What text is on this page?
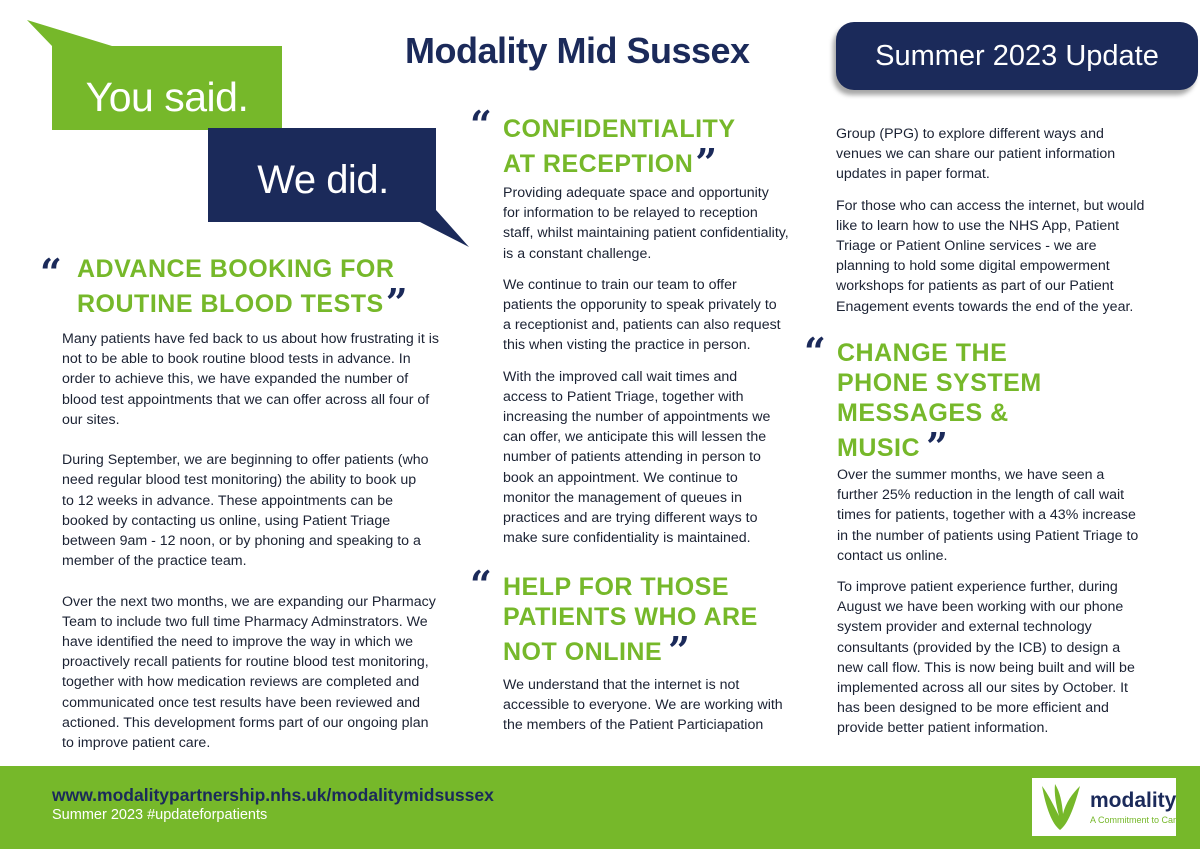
You said.
We did.
Modality Mid Sussex	Summer 2023 Update
“ ADVANCE BOOKING FOR
ROUTINE BLOOD TESTS”
Many patients have fed back to us about how frustrating it is
not to be able to book routine blood tests in advance. In
order to achieve this, we have expanded the number of
blood test appointments that we can offer across all four of
our sites.
During September, we are beginning to offer patients (who
need regular blood test monitoring) the ability to book up
to 12 weeks in advance. These appointments can be
booked by contacting us online, using Patient Triage
between 9am - 12 noon, or by phoning and speaking to a
member of the practice team.
Over the next two months, we are expanding our Pharmacy
Team to include two full time Pharmacy Adminstrators. We
have identified the need to improve the way in which we
proactively recall patients for routine blood test monitoring,
together with how medication reviews are completed and
communicated once test results have been reviewed and
actioned. This development forms part of our ongoing plan
to improve patient care.
“ CONFIDENTIALITY
AT RECEPTION”
Providing adequate space and opportunity
for information to be relayed to reception
staff, whilst maintaining patient confidentiality,
is a constant challenge.
We continue to train our team to offer
patients the opporunity to speak privately to
a receptionist and, patients can also request
this when visting the practice in person.
With the improved call wait times and
access to Patient Triage, together with
increasing the number of appointments we
can offer, we anticipate this will lessen the
number of patients attending in person to
book an appointment. We continue to
monitor the management of queues in
practices and are trying different ways to
make sure confidentiality is maintained.
“ HELP FOR THOSE
PATIENTS WHO ARE
NOT ONLINE ”
We understand that the internet is not
accessible to everyone. We are working with
the members of the Patient Particiapation
Group (PPG) to explore different ways and
venues we can share our patient information
updates in paper format.
For those who can access the internet, but would
like to learn how to use the NHS App, Patient
Triage or Patient Online services - we are
planning to hold some digital empowerment
workshops for patients as part of our Patient
Enagement events towards the end of the year.
“ CHANGE THE
PHONE SYSTEM
MESSAGES &
MUSIC ”
Over the summer months, we have seen a
further 25% reduction in the length of call wait
times for patients, together with a 43% increase
in the number of patients using Patient Triage to
contact us online.
To improve patient experience further, during
August we have been working with our phone
system provider and external technology
consultants (provided by the ICB) to design a
new call flow. This is now being built and will be
implemented across all our sites by October. It
has been designed to be more efficient and
provide better patient information.
www.modalitypartnership.nhs.uk/modalitymidsussex
Summer 2023 #updateforpatients
modality
A Commitment to Care
